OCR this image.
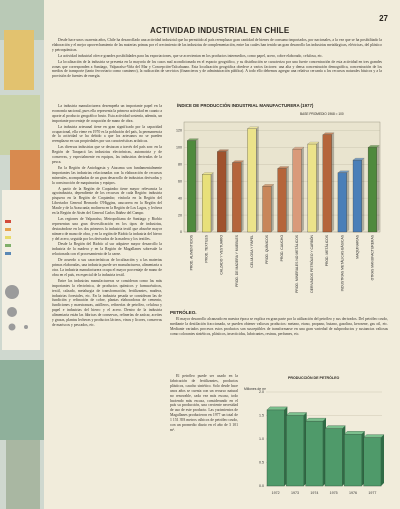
27
ACTIVIDAD INDUSTRIAL EN CHILE

Desde hace unos cuarenta años, Chile ha desarrollado una actividad industrial que ha permitido al país reemplazar gran cantidad de bienes de consumo importados, por nacionales, a la vez que se ha posibilitado la elaboración y el mejor aprovechamiento de las materias primas por el crecimiento de las industrias de complementación, entre las cuales han tenido un gran desarrollo las industrias metalúrgicas, eléctricas, del plástico y petroquímicas.

La actividad industrial ofrece grandes posibilidades para las exportaciones, que se acrecientan en los productos intermedios, como papel, acero, cobre elaborado, celulosa, etc.

La localización de la industria se presenta en la mayoría de los casos mal acondicionada en el espacio geográfico, y su distribución se caracteriza por una fuerte concentración de esta actividad en tres grandes zonas que corresponden a Santiago, Valparaíso-Viña del Mar y Concepción-Talcahuano. Esta localización geográfica obedece a varios factores: una alta y densa concentración demográfica, concentración de los medios de transporte (tanto ferroviario como caminero), la radicación de servicios (financieros y de administración pública). A todo ello debemos agregar una relativa cercanía a los recursos naturales básicos y a la provisión de fuentes de energía.

La industria manufacturera desempeña un importante papel en la economía nacional, pues ella representa la primera actividad en cuanto a aporte al producto geográfico bruto. Esta actividad sostenía, además, un importante porcentaje de ocupación de mano de obra.

La industria artesanal tiene en gran significado por la capacidad ocupacional, ella viene en 1970 es la población del país, la permanencia de la actividad se ha debido a que los artesanos no se pueden reemplazar en sus propiedades por sus características artísticas.

Las diversas industrias que se destacan a través del país son: en la Región de Tarapacá las industrias electrónicas, automotriz y de conservas, y especialmente en equipos, las industrias derivadas de la pesca.

En la Región de Antofagasta y Atacama son fundamentalmente importantes las industrias relacionadas con la elaboración de recursos minerales, acompañadas de un gran desarrollo de industrias derivadas y la construcción de maquinarias y equipos.

A partir de la Región de Coquimbo tiene mayor relevancia la agroindustria, dependiente de los recursos de cada Región: industria pisquera en la Región de Coquimbo; vinícola en la Región del Libertador General Bernardo O'Higgins, azucarera en la Región del Maule y de la Araucanía; molinera en la Región de Los Lagos, y lechera en la Región de Aisén del General Carlos Ibáñez del Campo.

Las regiones de Valparaíso, Metropolitana de Santiago y Biobío representan una gran diversificación en los tipos de industrias, destacándose en los dos primeros la industria textil que absorbe mayor número de mano de obra, y en la región de Biobío la industria del hierro y del acero, seguida por los derivados de la madera y los textiles.

Desde la Región del Biobío al sur adquiere mayor desarrollo la industria de la madera y en la Región de Magallanes sobresale la relacionada con el procesamiento de la carne.

De acuerdo a sus características de localización y a las materias primas elaboradas, una industria puede ser manufacturera, alimentaria u otra. La industria manufacturera ocupa el mayor porcentaje de mano de obra en el país, en especial de la industria textil.

Entre las industrias manufactureras se consideran como las más importantes la electrónica, de productos químicos y farmacéuticos, textil, calzado, metalurgia de transformación, fertilizantes, madera, industrias forestales, etc. En la industria pesada se consideran las de fundición y refinación de cobre, plantas elaboradoras de cemento, fundiciones y maestranzas, astilleros, refinerías de petróleo, celulosa y papel e industrias del hierro y el acero. Dentro de la industria alimentaria están las fábricas de conservas, refinerías de azúcar, aceites y grasas, plantas lecheras y productos lácteos, vinos y licores, conservas de mariscos y pescados, etc.

ÍNDICE DE PRODUCCIÓN INDUSTRIAL MANUFACTURERA (1977)
BASE PROMEDIO 1968 = 100
0
20
40
60
80
100
120
PROD. ALIMENTICIOS	PROD. TEXTILES	CALZADO Y VESTUARIO	PROD. DE MADERA Y MUEBLES	CELULOSA Y PAPEL	PROD. QUÍMICOS	PROD. CAUCHO	PROD. MINERALES NO METÁLICOS	DERIVADOS PETRÓLEO Y CARBÓN	PROD. METÁLICOS	INDUSTRIAS METÁLICAS BÁSICAS	MAQUINARIAS	OTRAS MANUFACTURERAS
PETRÓLEO.

El mayor desarrollo alcanzado en nuestra época se explica en gran parte por la utilización del petróleo y sus derivados. Del petróleo crudo, mediante la destilación fraccionada, se pueden obtener valiosos productos: metano, etano, propano, butano, gasolina, kerosene, gas oil, etc. Mediante variados procesos estos productos son susceptibles de transformarse en una gran variedad de subproductos y sustancias valiosas como colorantes sintéticos, plásticos, insecticidas, lubricantes, resinas, perfumes, etc.

El petróleo puede ser usado en la fabricación de fertilizantes, productos plásticos, caucho sintético. Solo desde hace unos años se cuenta con un recurso natural no renovable, cada vez más escaso, todo haciendo más escasa, considerando en el país su producción, una creciente necesidad de uso de este producto. Las yacimientos de Magallanes producieron en 1977 un total de 1 151 393 metros cúbicos de petróleo crudo, con un promedio diario en el año de 3 101 m³.

PRODUCCIÓN DE PETRÓLEO
Millones de m³
0.0
0.5
1.0
1.5
2.0
1972	1973	1974	1975	1976	1977
